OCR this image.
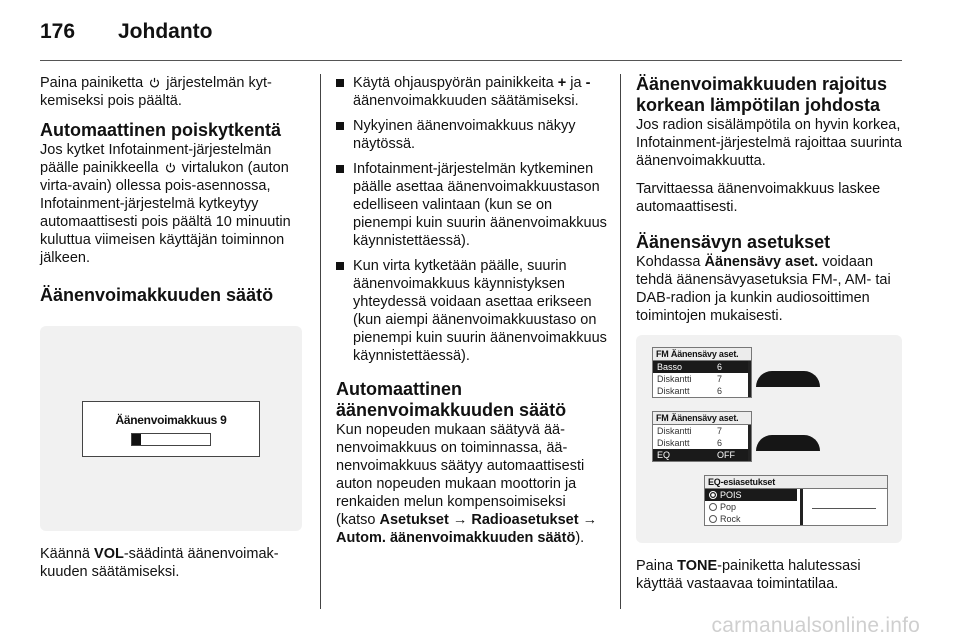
176	Johdanto

Paina painiketta järjestelmän kytkemiseksi pois päältä.

Automaattinen poiskytkentä

Jos kytket Infotainment-järjestelmän päälle painikkeella virtalukon (auton virta-avain) ollessa pois-asennossa, Infotainment-järjestelmä kytkeytyy automaattisesti pois päältä 10 minuutin kuluttua viimeisen käyttäjän toiminnon jälkeen.

Äänenvoimakkuuden säätö
Äänenvoimakkuus 9

Käännä VOL-säädintä äänenvoimakkuuden säätämiseksi.

Käytä ohjauspyörän painikkeita + ja - äänenvoimakkuuden säätämiseksi.
Nykyinen äänenvoimakkuus näkyy näytössä.
Infotainment-järjestelmän kytkeminen päälle asettaa äänenvoimakkuustason edelliseen valintaan (kun se on pienempi kuin suurin äänenvoimakkuus käynnistettäessä).
Kun virta kytketään päälle, suurin äänenvoimakkuus käynnistyksen yhteydessä voidaan asettaa erikseen (kun aiempi äänenvoimakkuustaso on pienempi kuin suurin äänenvoimakkuus käynnistettäessä).
Automaattinen äänenvoimakkuuden säätö

Kun nopeuden mukaan säätyvä äänenvoimakkuus on toiminnassa, äänenvoimakkuus säätyy automaattisesti auton nopeuden mukaan moottorin ja renkaiden melun kompensoimiseksi (katso Asetukset → Radioasetukset → Autom. äänenvoimakkuuden säätö).

Äänenvoimakkuuden rajoitus korkean lämpötilan johdosta

Jos radion sisälämpötila on hyvin korkea, Infotainment-järjestelmä rajoittaa suurinta äänenvoimakkuutta.

Tarvittaessa äänenvoimakkuus laskee automaattisesti.

Äänensävyn asetukset

Kohdassa Äänensävy aset. voidaan tehdä äänensävyasetuksia FM-, AM- tai DAB-radion ja kunkin audiosoittimen toimintojen mukaisesti.

FM Äänensävy aset.
Basso	6
Diskantti	7
Diskantt	6
FM Äänensävy aset.
Diskantti	7
Diskantt	6
EQ	OFF
EQ-esiasetukset
POIS
Pop
Rock

Paina TONE-painiketta halutessasi käyttää vastaavaa toimintatilaa.

carmanualsonline.info
